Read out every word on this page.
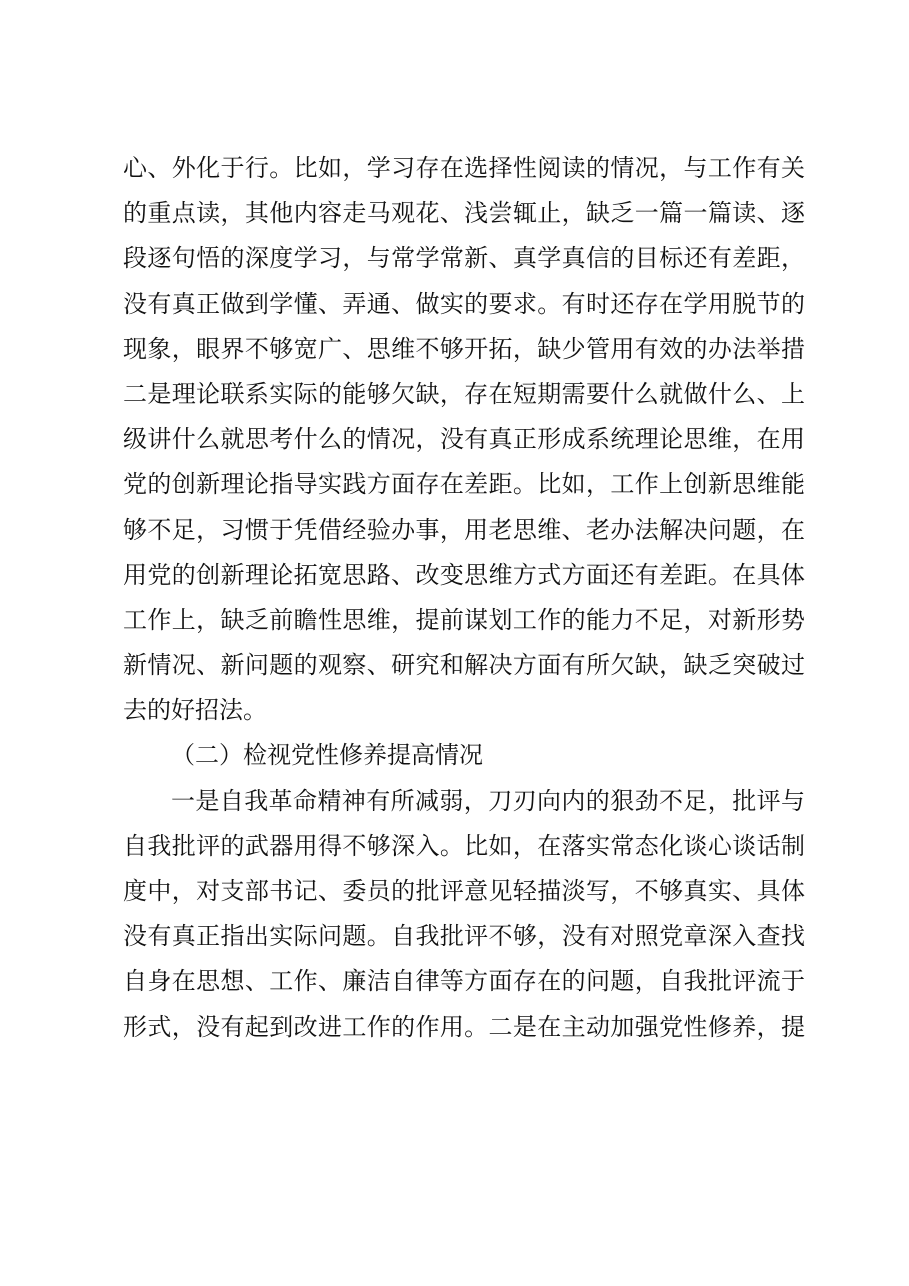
心、外化于行。比如，学习存在选择性阅读的情况，与工作有关
的重点读，其他内容走马观花、浅尝辄止，缺乏一篇一篇读、逐
段逐句悟的深度学习，与常学常新、真学真信的目标还有差距，
没有真正做到学懂、弄通、做实的要求。有时还存在学用脱节的
现象，眼界不够宽广、思维不够开拓，缺少管用有效的办法举措
二是理论联系实际的能够欠缺，存在短期需要什么就做什么、上
级讲什么就思考什么的情况，没有真正形成系统理论思维，在用
党的创新理论指导实践方面存在差距。比如，工作上创新思维能
够不足，习惯于凭借经验办事，用老思维、老办法解决问题，在
用党的创新理论拓宽思路、改变思维方式方面还有差距。在具体
工作上，缺乏前瞻性思维，提前谋划工作的能力不足，对新形势
新情况、新问题的观察、研究和解决方面有所欠缺，缺乏突破过
去的好招法。
（二）检视党性修养提高情况
一是自我革命精神有所减弱，刀刃向内的狠劲不足，批评与
自我批评的武器用得不够深入。比如，在落实常态化谈心谈话制
度中，对支部书记、委员的批评意见轻描淡写，不够真实、具体
没有真正指出实际问题。自我批评不够，没有对照党章深入查找
自身在思想、工作、廉洁自律等方面存在的问题，自我批评流于
形式，没有起到改进工作的作用。二是在主动加强党性修养，提
